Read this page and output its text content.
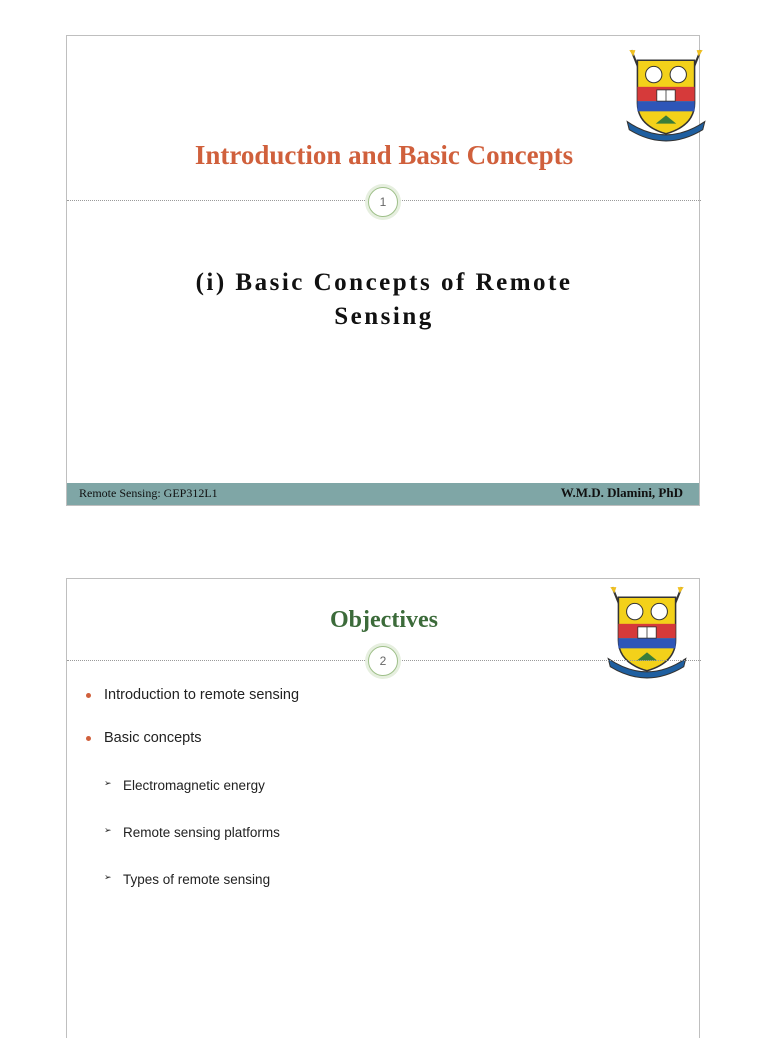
Introduction and Basic Concepts
1
(i) Basic Concepts of Remote
Sensing
Remote Sensing: GEP312L1	W.M.D. Dlamini, PhD
Objectives
2
Introduction to remote sensing
Basic concepts
➢ Electromagnetic energy
➢ Remote sensing platforms
➢ Types of remote sensing
